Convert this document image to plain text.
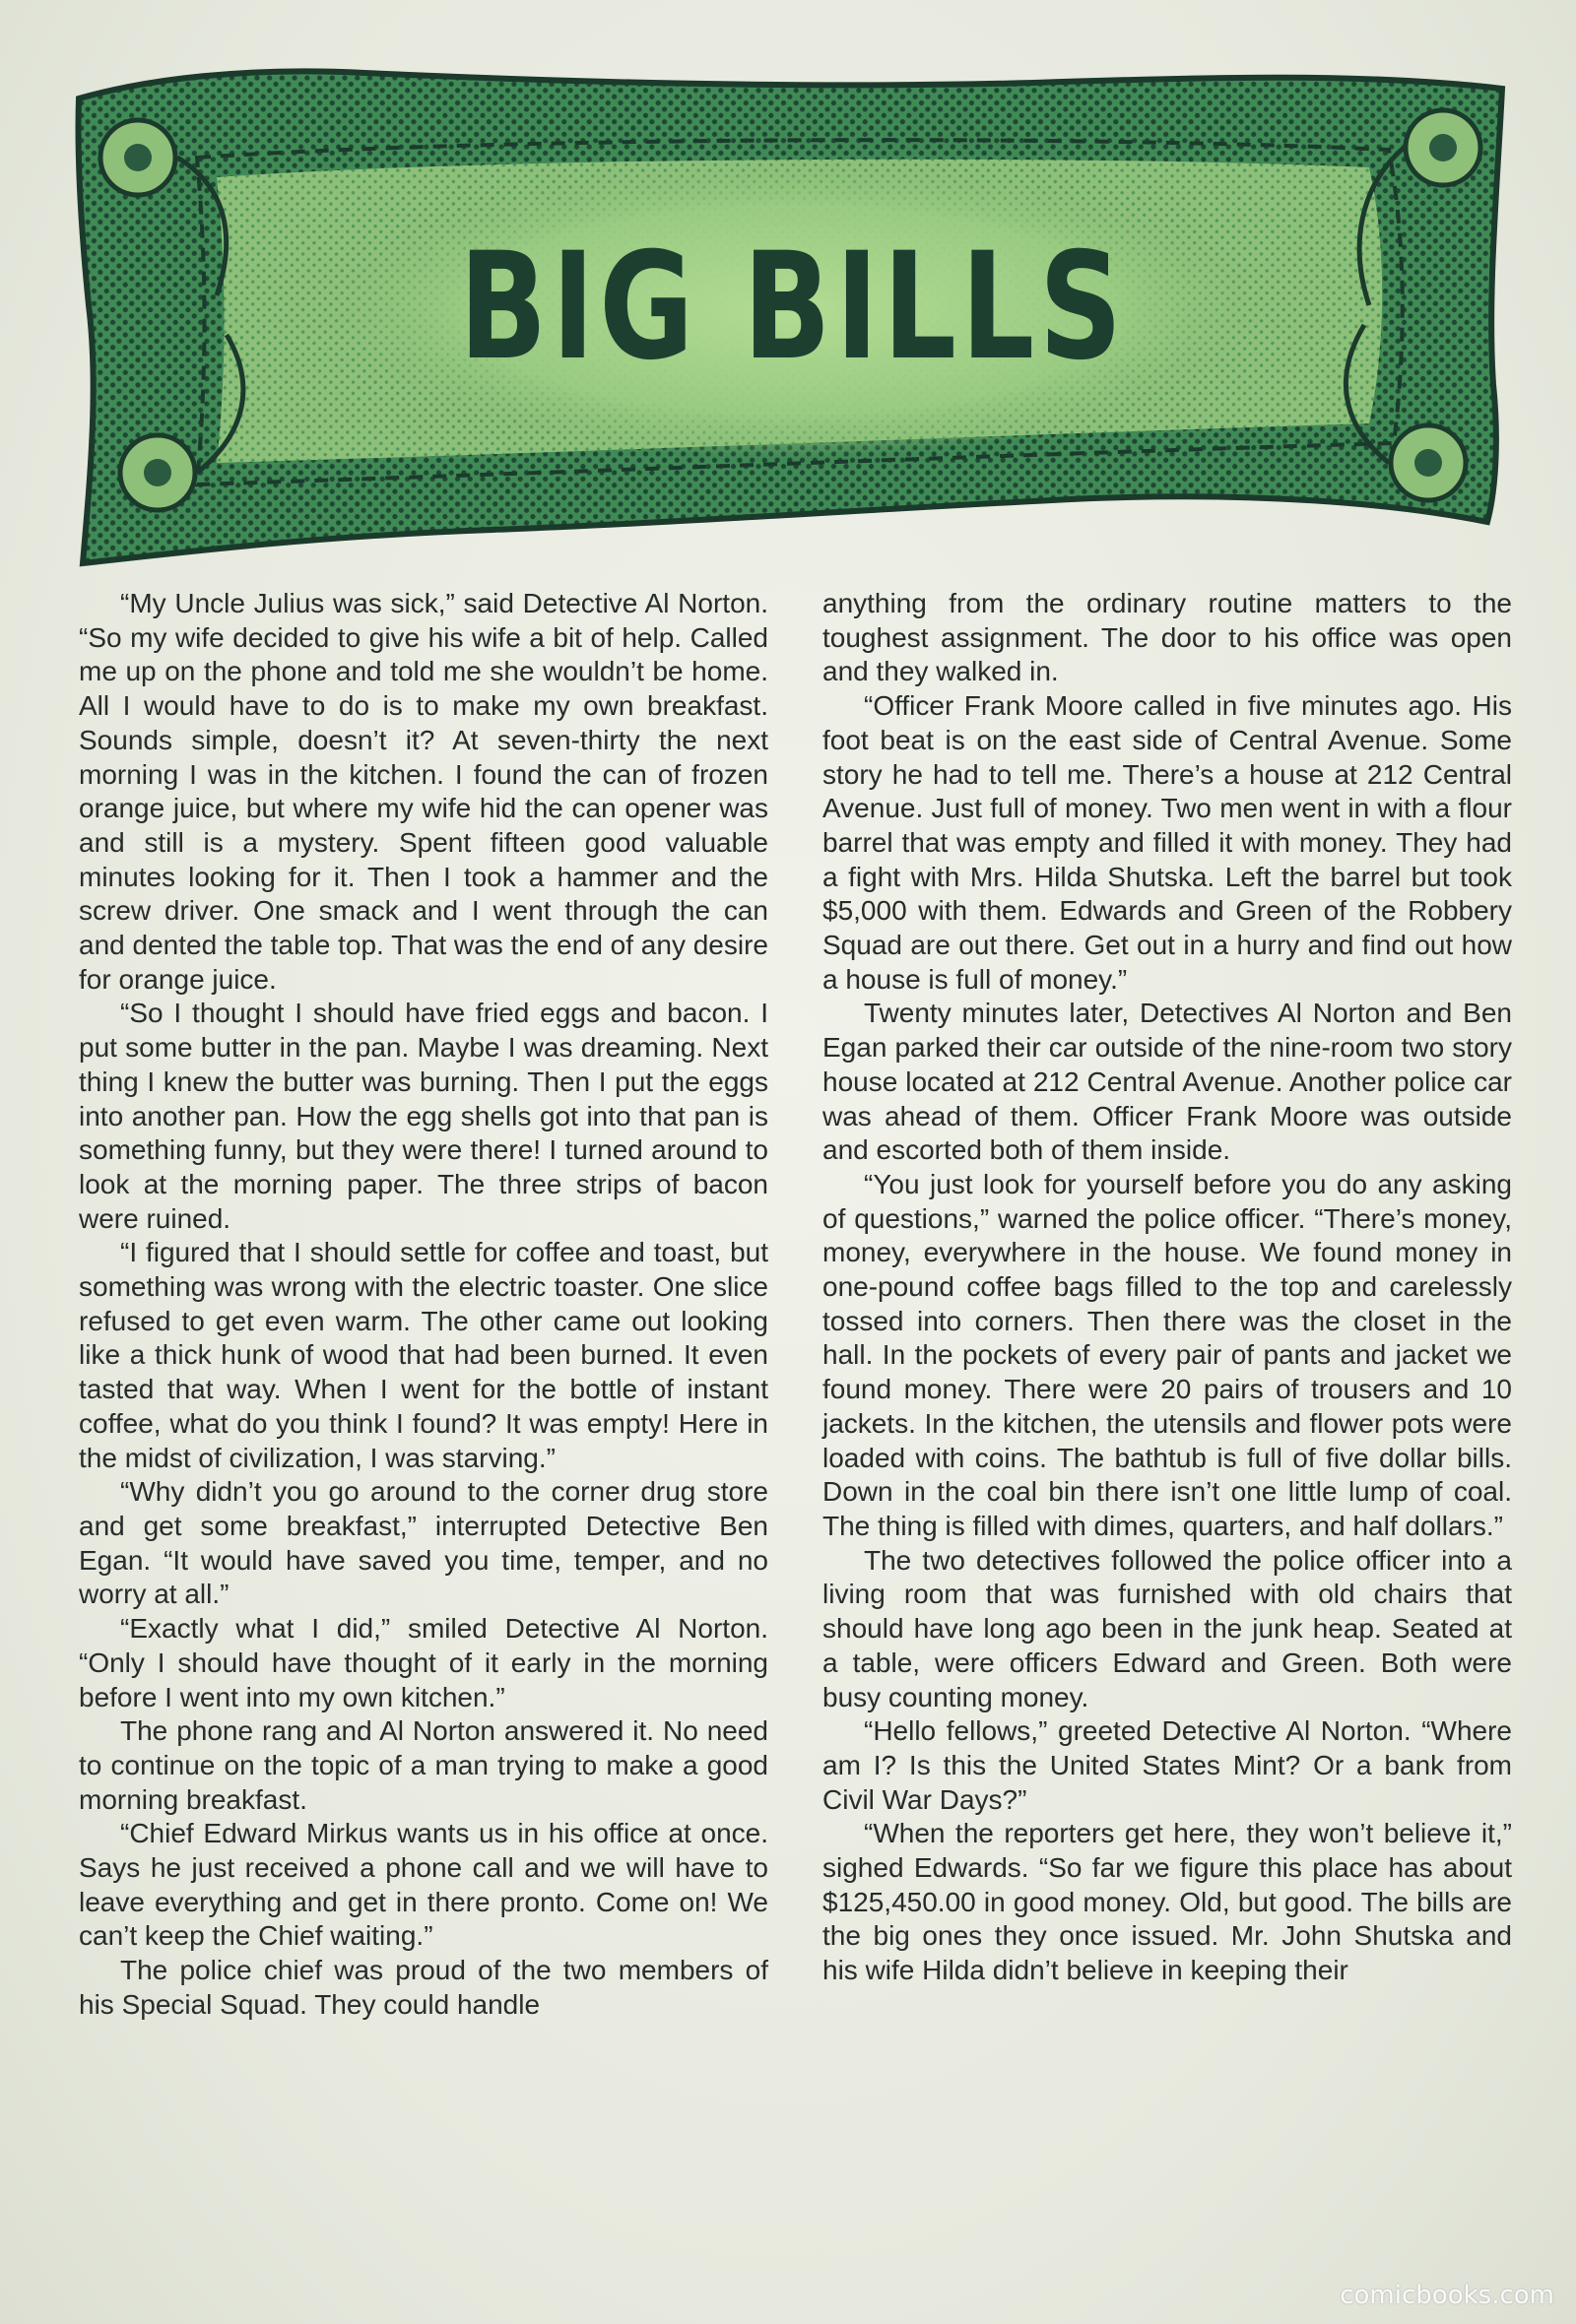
BIG BILLS

“My Uncle Julius was sick,” said Detective Al Norton. “So my wife decided to give his wife a bit of help. Called me up on the phone and told me she wouldn’t be home. All I would have to do is to make my own breakfast. Sounds simple, doesn’t it? At seven-thirty the next morning I was in the kitchen. I found the can of frozen orange juice, but where my wife hid the can opener was and still is a mystery. Spent fifteen good valuable minutes looking for it. Then I took a hammer and the screw driver. One smack and I went through the can and dented the table top. That was the end of any desire for orange juice.

“So I thought I should have fried eggs and bacon. I put some butter in the pan. Maybe I was dreaming. Next thing I knew the butter was burning. Then I put the eggs into another pan. How the egg shells got into that pan is something funny, but they were there! I turned around to look at the morning paper. The three strips of bacon were ruined.

“I figured that I should settle for coffee and toast, but something was wrong with the electric toaster. One slice refused to get even warm. The other came out looking like a thick hunk of wood that had been burned. It even tasted that way. When I went for the bottle of instant coffee, what do you think I found? It was empty! Here in the midst of civilization, I was starving.”

“Why didn’t you go around to the corner drug store and get some breakfast,” interrupted Detective Ben Egan. “It would have saved you time, temper, and no worry at all.”

“Exactly what I did,” smiled Detective Al Norton. “Only I should have thought of it early in the morning before I went into my own kitchen.”

The phone rang and Al Norton answered it. No need to continue on the topic of a man trying to make a good morning breakfast.

“Chief Edward Mirkus wants us in his office at once. Says he just received a phone call and we will have to leave everything and get in there pronto. Come on! We can’t keep the Chief waiting.”

The police chief was proud of the two members of his Special Squad. They could handle

anything from the ordinary routine matters to the toughest assignment. The door to his office was open and they walked in.

“Officer Frank Moore called in five minutes ago. His foot beat is on the east side of Central Avenue. Some story he had to tell me. There’s a house at 212 Central Avenue. Just full of money. Two men went in with a flour barrel that was empty and filled it with money. They had a fight with Mrs. Hilda Shutska. Left the barrel but took $5,000 with them. Edwards and Green of the Robbery Squad are out there. Get out in a hurry and find out how a house is full of money.”

Twenty minutes later, Detectives Al Norton and Ben Egan parked their car outside of the nine-room two story house located at 212 Central Avenue. Another police car was ahead of them. Officer Frank Moore was outside and escorted both of them inside.

“You just look for yourself before you do any asking of questions,” warned the police officer. “There’s money, money, everywhere in the house. We found money in one-pound coffee bags filled to the top and carelessly tossed into corners. Then there was the closet in the hall. In the pockets of every pair of pants and jacket we found money. There were 20 pairs of trousers and 10 jackets. In the kitchen, the utensils and flower pots were loaded with coins. The bathtub is full of five dollar bills. Down in the coal bin there isn’t one little lump of coal. The thing is filled with dimes, quarters, and half dollars.”

The two detectives followed the police officer into a living room that was furnished with old chairs that should have long ago been in the junk heap. Seated at a table, were officers Edward and Green. Both were busy counting money.

“Hello fellows,” greeted Detective Al Norton. “Where am I? Is this the United States Mint? Or a bank from Civil War Days?”

“When the reporters get here, they won’t believe it,” sighed Edwards. “So far we figure this place has about $125,450.00 in good money. Old, but good. The bills are the big ones they once issued. Mr. John Shutska and his wife Hilda didn’t believe in keeping their

comicbooks.com
